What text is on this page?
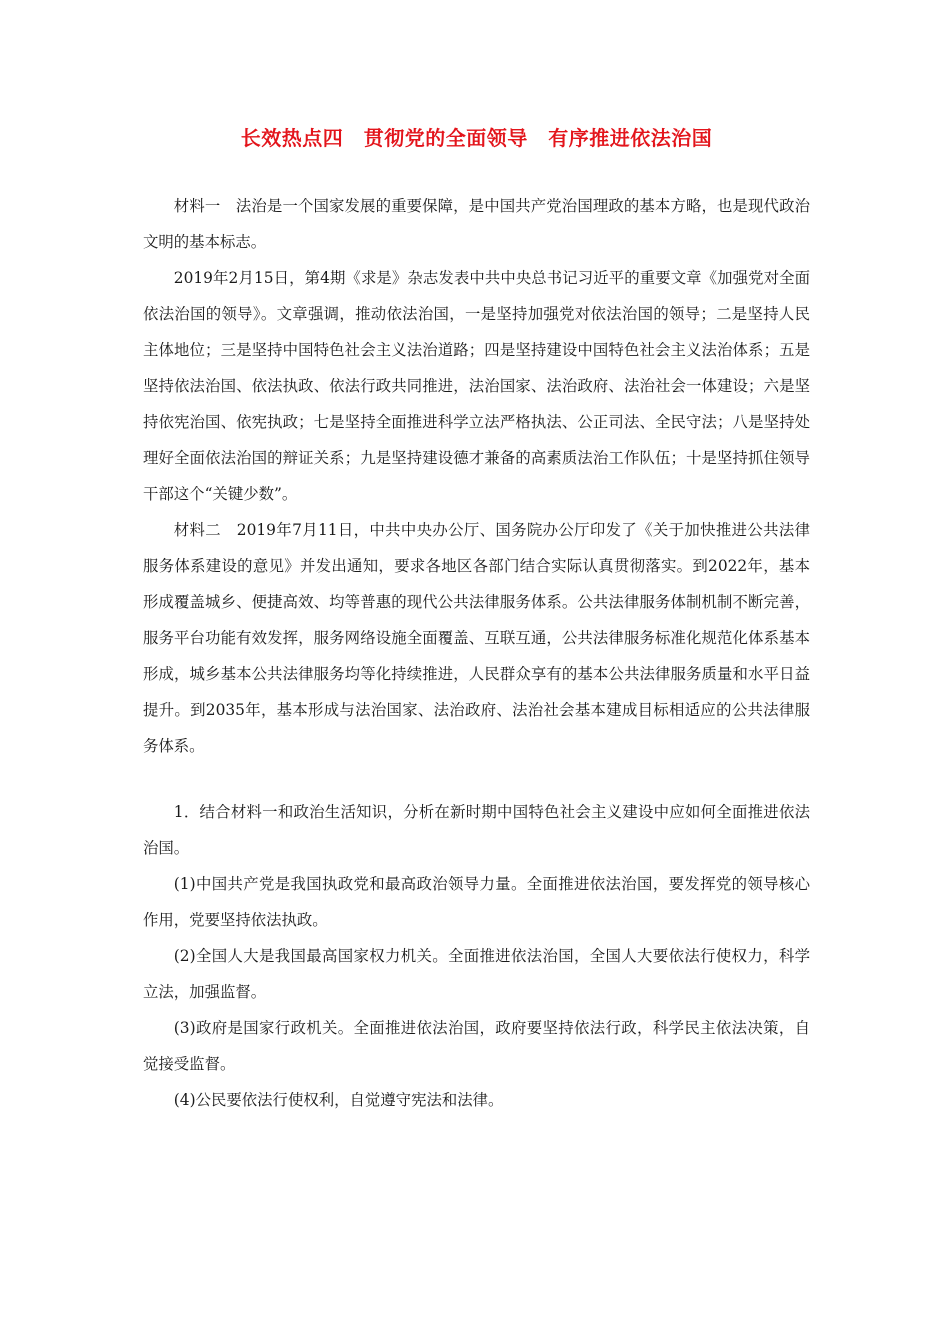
长效热点四　贯彻党的全面领导　有序推进依法治国

材料一　法治是一个国家发展的重要保障，是中国共产党治国理政的基本方略，也是现代政治文明的基本标志。

2019年2月15日，第4期《求是》杂志发表中共中央总书记习近平的重要文章《加强党对全面依法治国的领导》。文章强调，推动依法治国，一是坚持加强党对依法治国的领导；二是坚持人民主体地位；三是坚持中国特色社会主义法治道路；四是坚持建设中国特色社会主义法治体系；五是坚持依法治国、依法执政、依法行政共同推进，法治国家、法治政府、法治社会一体建设；六是坚持依宪治国、依宪执政；七是坚持全面推进科学立法严格执法、公正司法、全民守法；八是坚持处理好全面依法治国的辩证关系；九是坚持建设德才兼备的高素质法治工作队伍；十是坚持抓住领导干部这个“关键少数”。

材料二　2019年7月11日，中共中央办公厅、国务院办公厅印发了《关于加快推进公共法律服务体系建设的意见》并发出通知，要求各地区各部门结合实际认真贯彻落实。到2022年，基本形成覆盖城乡、便捷高效、均等普惠的现代公共法律服务体系。公共法律服务体制机制不断完善，服务平台功能有效发挥，服务网络设施全面覆盖、互联互通，公共法律服务标准化规范化体系基本形成，城乡基本公共法律服务均等化持续推进，人民群众享有的基本公共法律服务质量和水平日益提升。到2035年，基本形成与法治国家、法治政府、法治社会基本建成目标相适应的公共法律服务体系。

1．结合材料一和政治生活知识，分析在新时期中国特色社会主义建设中应如何全面推进依法治国。

(1)中国共产党是我国执政党和最高政治领导力量。全面推进依法治国，要发挥党的领导核心作用，党要坚持依法执政。

(2)全国人大是我国最高国家权力机关。全面推进依法治国，全国人大要依法行使权力，科学立法，加强监督。

(3)政府是国家行政机关。全面推进依法治国，政府要坚持依法行政，科学民主依法决策，自觉接受监督。

(4)公民要依法行使权利，自觉遵守宪法和法律。
